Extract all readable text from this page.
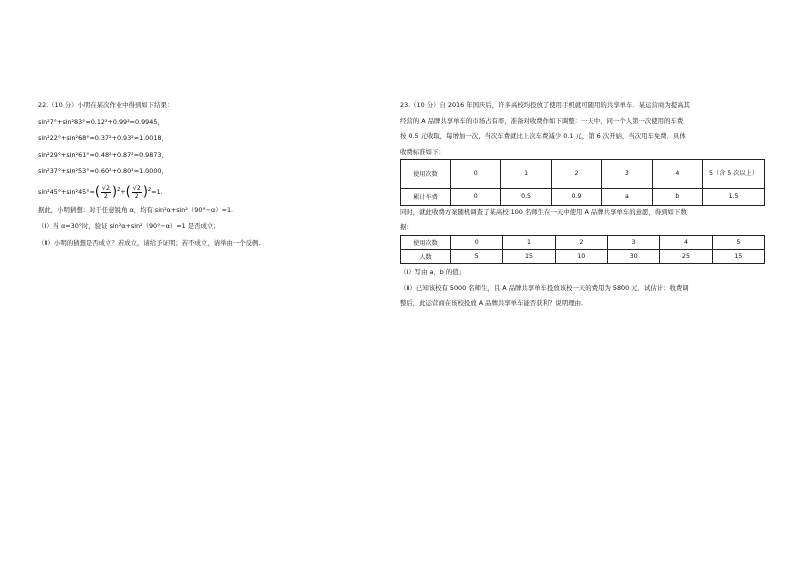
22.（10 分）小明在某次作业中得到如下结果：
sin²7°+sin²83°≈0.12²+0.99²=0.9945，
sin²22°+sin²68°≈0.37²+0.93²=1.0018，
sin²29°+sin²61°≈0.48²+0.87²=0.9873，
sin²37°+sin²53°≈0.60²+0.80²=1.0000，
$\sin^245^\circ+\sin^245^\circ\approx( \frac{√2}{2} )^2+( \frac{√2}{2} )^2=1$.
据此，小明猜想：对于任意锐角 α，均有 sin²α+sin²（90°−α）=1.
（Ⅰ）当 α=30°时，验证 sin²α+sin²（90°−α）=1 是否成立；
（Ⅱ）小明的猜想是否成立？若成立，请给予证明；若不成立，请举由一个反例.
23.（10 分）自 2016 年国庆后，许多高校均投放了使用手机就可随用的共享单车．某运营商为提高其
经营的 A 品牌共享单车的市场占有率，准备对收费作如下调整：一天中，同一个人第一次使用的车费
按 0.5 元收取，每增加一次，当次车费就比上次车费减少 0.1 元，第 6 次开始，当次用车免费．具体
收费标准如下：
使用次数	0	1	2	3	4	5（含 5 次以上）
累计车费	0	0.5	0.9	a	b	1.5
同时，就此收费方案随机调查了某高校 100 名师生在一天中使用 A 品牌共享单车的意愿，得到如下数
据：
使用次数	0	1	2	3	4	5
人数	5	15	10	30	25	15
（Ⅰ）写由 a，b 的值；
（Ⅱ）已知该校有 5000 名师生，且 A 品牌共享单车投放该校一天的费用为 5800 元．试估计：收费调
整后，此运营商在该校投放 A 品牌共享单车能否获利？说明理由.
